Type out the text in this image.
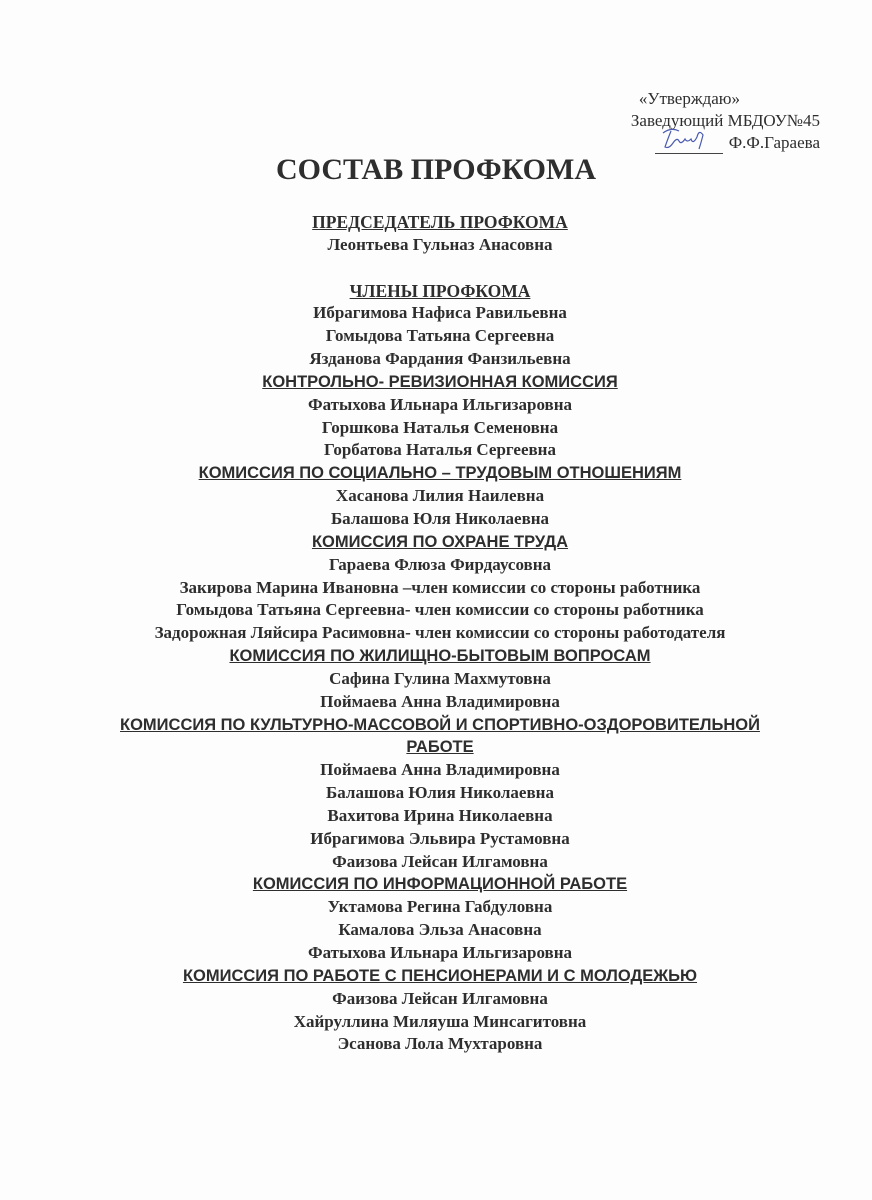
«Утверждаю»
Заведующий МБДОУ№45
Ф.Ф.Гараева
СОСТАВ ПРОФКОМА
ПРЕДСЕДАТЕЛЬ ПРОФКОМА
Леонтьева Гульназ Анасовна
ЧЛЕНЫ ПРОФКОМА
Ибрагимова Нафиса Равильевна
Гомыдова Татьяна Сергеевна
Язданова Фардания Фанзильевна
КОНТРОЛЬНО- РЕВИЗИОННАЯ КОМИССИЯ
Фатыхова Ильнара Ильгизаровна
Горшкова Наталья Семеновна
Горбатова Наталья Сергеевна
КОМИССИЯ ПО СОЦИАЛЬНО – ТРУДОВЫМ ОТНОШЕНИЯМ
Хасанова Лилия Наилевна
Балашова Юля Николаевна
КОМИССИЯ ПО ОХРАНЕ ТРУДА
Гараева Флюза Фирдаусовна
Закирова Марина Ивановна –член комиссии со стороны работника
Гомыдова Татьяна Сергеевна- член комиссии со стороны работника
Задорожная Ляйсира Расимовна- член комиссии со стороны работодателя
КОМИССИЯ ПО ЖИЛИЩНО-БЫТОВЫМ ВОПРОСАМ
Сафина Гулина Махмутовна
Поймаева Анна Владимировна
КОМИССИЯ ПО КУЛЬТУРНО-МАССОВОЙ И СПОРТИВНО-ОЗДОРОВИТЕЛЬНОЙ РАБОТЕ
Поймаева Анна Владимировна
Балашова Юлия Николаевна
Вахитова Ирина Николаевна
Ибрагимова Эльвира Рустамовна
Фаизова Лейсан Илгамовна
КОМИССИЯ ПО ИНФОРМАЦИОННОЙ РАБОТЕ
Уктамова Регина Габдуловна
Камалова Эльза Анасовна
Фатыхова Ильнара Ильгизаровна
КОМИССИЯ ПО РАБОТЕ С ПЕНСИОНЕРАМИ И С МОЛОДЕЖЬЮ
Фаизова Лейсан Илгамовна
Хайруллина Миляуша Минсагитовна
Эсанова Лола Мухтаровна
